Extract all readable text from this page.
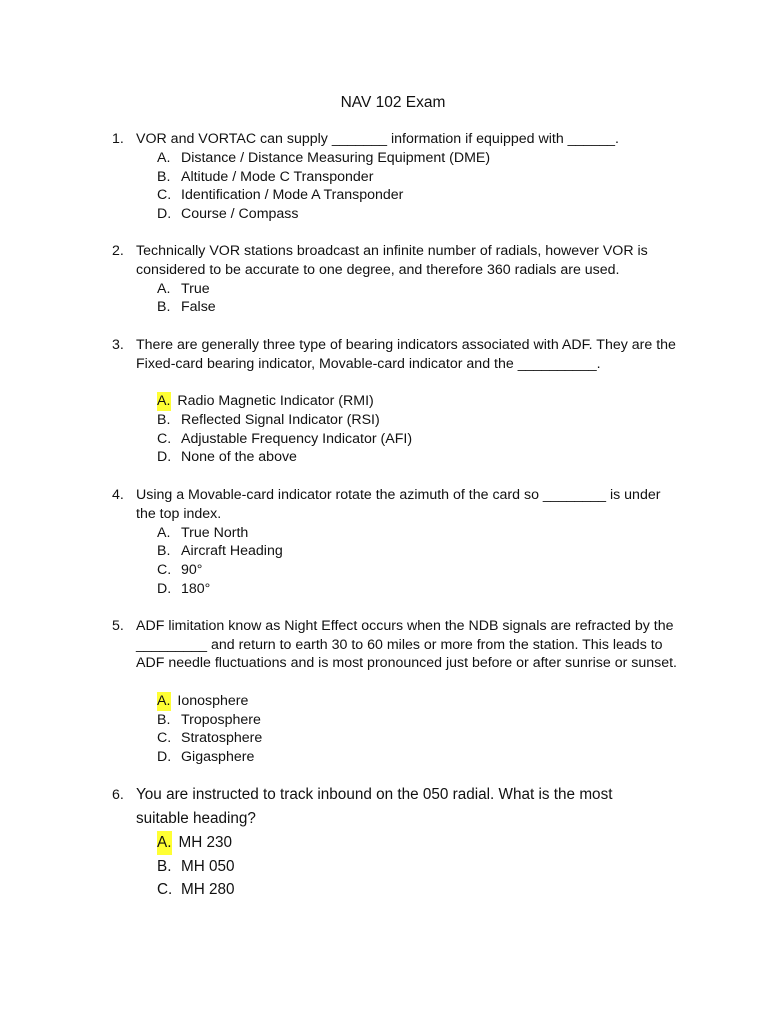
NAV 102 Exam
1. VOR and VORTAC can supply _______ information if equipped with ______.
A. Distance / Distance Measuring Equipment (DME)
B. Altitude / Mode C Transponder
C. Identification / Mode A Transponder
D. Course / Compass
2. Technically VOR stations broadcast an infinite number of radials, however VOR is considered to be accurate to one degree, and therefore 360 radials are used.
A. True
B. False
3. There are generally three type of bearing indicators associated with ADF. They are the Fixed-card bearing indicator, Movable-card indicator and the __________.
A. Radio Magnetic Indicator (RMI)
B. Reflected Signal Indicator (RSI)
C. Adjustable Frequency Indicator (AFI)
D. None of the above
4. Using a Movable-card indicator rotate the azimuth of the card so ________ is under the top index.
A. True North
B. Aircraft Heading
C. 90°
D. 180°
5. ADF limitation know as Night Effect occurs when the NDB signals are refracted by the _________ and return to earth 30 to 60 miles or more from the station. This leads to ADF needle fluctuations and is most pronounced just before or after sunrise or sunset.
A. Ionosphere
B. Troposphere
C. Stratosphere
D. Gigasphere
6. You are instructed to track inbound on the 050 radial. What is the most suitable heading?
A. MH 230
B. MH 050
C. MH 280
